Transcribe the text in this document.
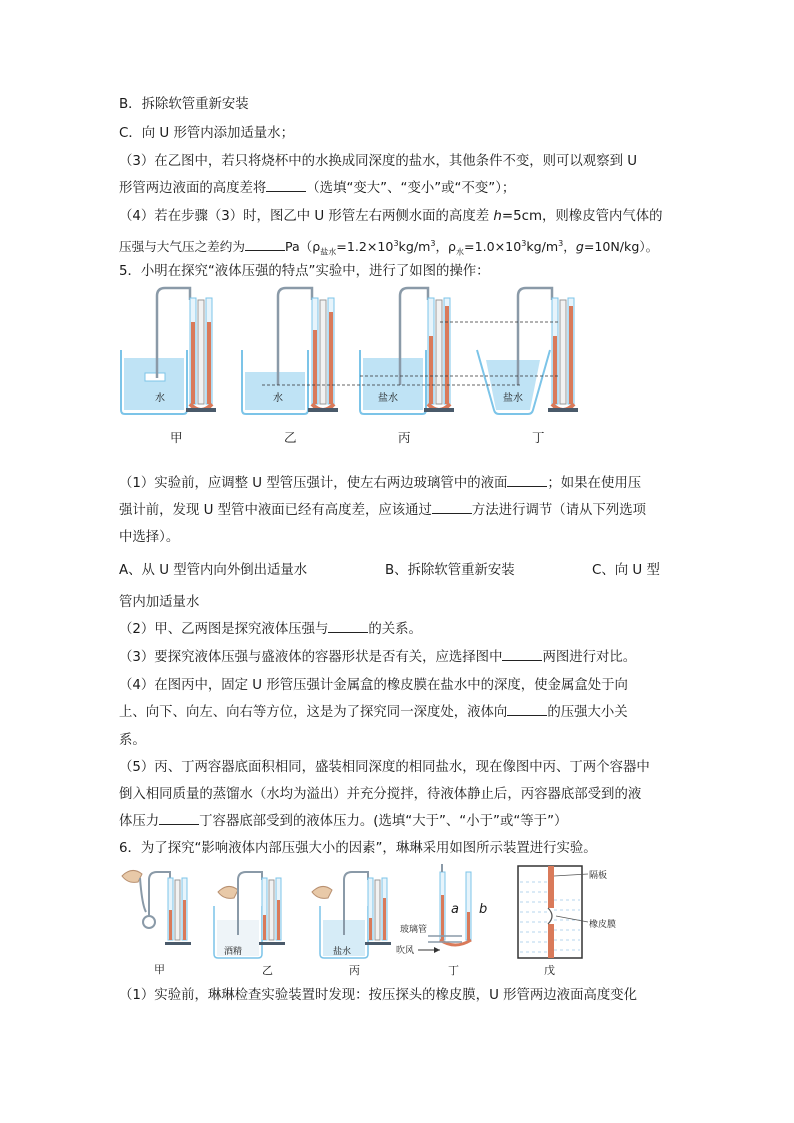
B．拆除软管重新安装
C．向 U 形管内添加适量水；
（3）在乙图中，若只将烧杯中的水换成同深度的盐水，其他条件不变，则可以观察到 U
形管两边液面的高度差将	（选填“变大”、“变小”或“不变”）；
（4）若在步骤（3）时，图乙中 U 形管左右两侧水面的高度差 h=5cm，则橡皮管内气体的
压强与大气压之差约为	$Pa(\rho_{盐水}=1.2\times 10^3kg/m^3$，$\rho_水=1.0\times 10^3kg/m^3$，g=10N/kg）。
5．小明在探究“液体压强的特点”实验中，进行了如图的操作：
水	水	盐水	盐水
甲	乙	丙	丁
（1）实验前，应调整 U 型管压强计，使左右两边玻璃管中的液面	；如果在使用压
强计前，发现 U 型管中液面已经有高度差，应该通过	方法进行调节（请从下列选项
中选择）。
A、从 U 型管内向外倒出适量水	B、拆除软管重新安装	C、向 U 型
管内加适量水
（2）甲、乙两图是探究液体压强与	的关系。
（3）要探究液体压强与盛液体的容器形状是否有关，应选择图中	两图进行对比。
（4）在图丙中，固定 U 形管压强计金属盒的橡皮膜在盐水中的深度，使金属盒处于向
上、向下、向左、向右等方位，这是为了探究同一深度处，液体向	的压强大小关
系。
（5）丙、丁两容器底面积相同，盛装相同深度的相同盐水，现在像图中丙、丁两个容器中
倒入相同质量的蒸馏水（水均为溢出）并充分搅拌，待液体静止后，丙容器底部受到的液
体压力	丁容器底部受到的液体压力。(选填“大于”、“小于”或“等于”）
6．为了探究“影响液体内部压强大小的因素”，琳琳采用如图所示装置进行实验。
酒精	盐水
a b
玻璃管
吹风
隔板
橡皮膜
甲	乙	丙	丁	戊
（1）实验前，琳琳检查实验装置时发现：按压探头的橡皮膜，U 形管两边液面高度变化
